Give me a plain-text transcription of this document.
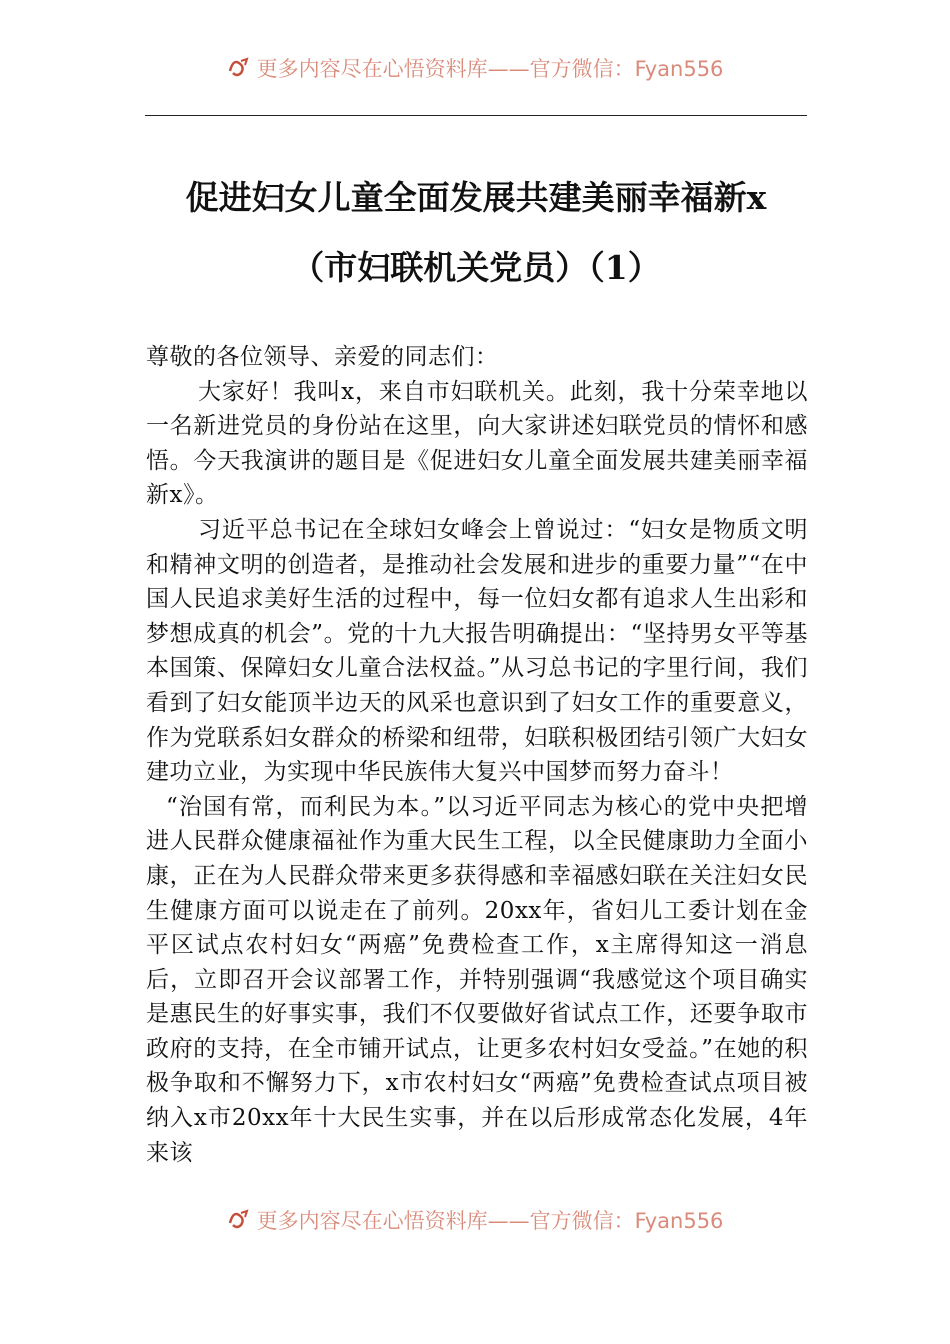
更多内容尽在心悟资料库——官方微信：Fyan556
促进妇女儿童全面发展共建美丽幸福新x
（市妇联机关党员）（1）

尊敬的各位领导、亲爱的同志们：

大家好！我叫x，来自市妇联机关。此刻，我十分荣幸地以一名新进党员的身份站在这里，向大家讲述妇联党员的情怀和感悟。今天我演讲的题目是《促进妇女儿童全面发展共建美丽幸福新x》。

习近平总书记在全球妇女峰会上曾说过：“妇女是物质文明和精神文明的创造者，是推动社会发展和进步的重要力量”“在中国人民追求美好生活的过程中，每一位妇女都有追求人生出彩和梦想成真的机会”。党的十九大报告明确提出：“坚持男女平等基本国策、保障妇女儿童合法权益。”从习总书记的字里行间，我们看到了妇女能顶半边天的风采也意识到了妇女工作的重要意义，作为党联系妇女群众的桥梁和纽带，妇联积极团结引领广大妇女建功立业，为实现中华民族伟大复兴中国梦而努力奋斗！

“治国有常，而利民为本。”以习近平同志为核心的党中央把增进人民群众健康福祉作为重大民生工程，以全民健康助力全面小康，正在为人民群众带来更多获得感和幸福感妇联在关注妇女民生健康方面可以说走在了前列。20xx年，省妇儿工委计划在金平区试点农村妇女“两癌”免费检查工作，x主席得知这一消息后，立即召开会议部署工作，并特别强调“我感觉这个项目确实是惠民生的好事实事，我们不仅要做好省试点工作，还要争取市政府的支持，在全市铺开试点，让更多农村妇女受益。”在她的积极争取和不懈努力下，x市农村妇女“两癌”免费检查试点项目被纳入x市20xx年十大民生实事，并在以后形成常态化发展，4年来该

更多内容尽在心悟资料库——官方微信：Fyan556
